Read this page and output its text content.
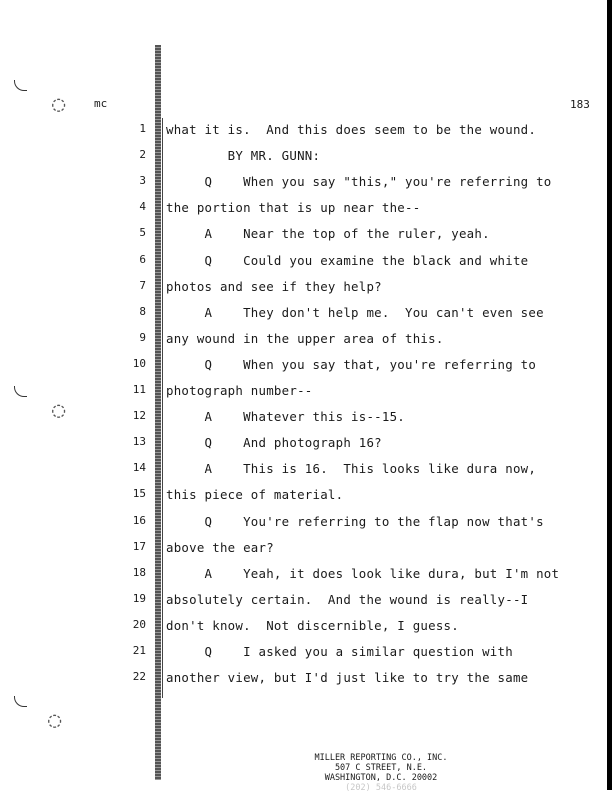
◌
◌
◌
mc	183
1 what it is.  And this does seem to be the wound.
2 BY MR. GUNN:
3 Q    When you say "this," you're referring to
4 the portion that is up near the--
5 A    Near the top of the ruler, yeah.
6 Q    Could you examine the black and white
7 photos and see if they help?
8 A    They don't help me.  You can't even see
9 any wound in the upper area of this.
10 Q    When you say that, you're referring to
11 photograph number--
12 A    Whatever this is--15.
13 Q    And photograph 16?
14 A    This is 16.  This looks like dura now,
15 this piece of material.
16 Q    You're referring to the flap now that's
17 above the ear?
18 A    Yeah, it does look like dura, but I'm not
19 absolutely certain.  And the wound is really--I
20 don't know.  Not discernible, I guess.
21 Q    I asked you a similar question with
22 another view, but I'd just like to try the same
MILLER REPORTING CO., INC.
507 C STREET, N.E.
WASHINGTON, D.C. 20002
(202) 546-6666
